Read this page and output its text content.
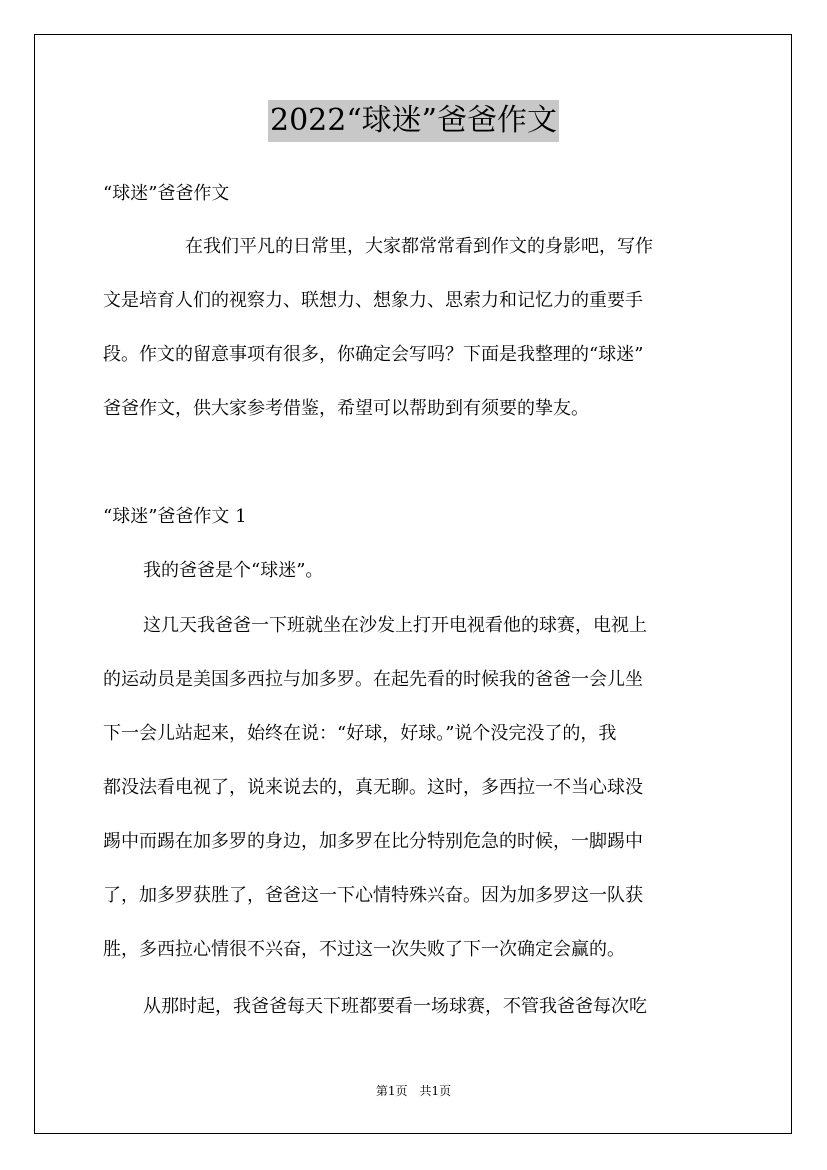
2022“球迷”爸爸作文
“球迷”爸爸作文
在我们平凡的日常里，大家都常常看到作文的身影吧，写作
文是培育人们的视察力、联想力、想象力、思索力和记忆力的重要手
段。作文的留意事项有很多，你确定会写吗？下面是我整理的“球迷”
爸爸作文，供大家参考借鉴，希望可以帮助到有须要的挚友。
“球迷”爸爸作文 1
我的爸爸是个“球迷”。
这几天我爸爸一下班就坐在沙发上打开电视看他的球赛，电视上
的运动员是美国多西拉与加多罗。在起先看的时候我的爸爸一会儿坐
下一会儿站起来，始终在说：“好球，好球。”说个没完没了的，我
都没法看电视了，说来说去的，真无聊。这时，多西拉一不当心球没
踢中而踢在加多罗的身边，加多罗在比分特别危急的时候，一脚踢中
了，加多罗获胜了，爸爸这一下心情特殊兴奋。因为加多罗这一队获
胜，多西拉心情很不兴奋，不过这一次失败了下一次确定会赢的。
从那时起，我爸爸每天下班都要看一场球赛，不管我爸爸每次吃
第1页　共1页
